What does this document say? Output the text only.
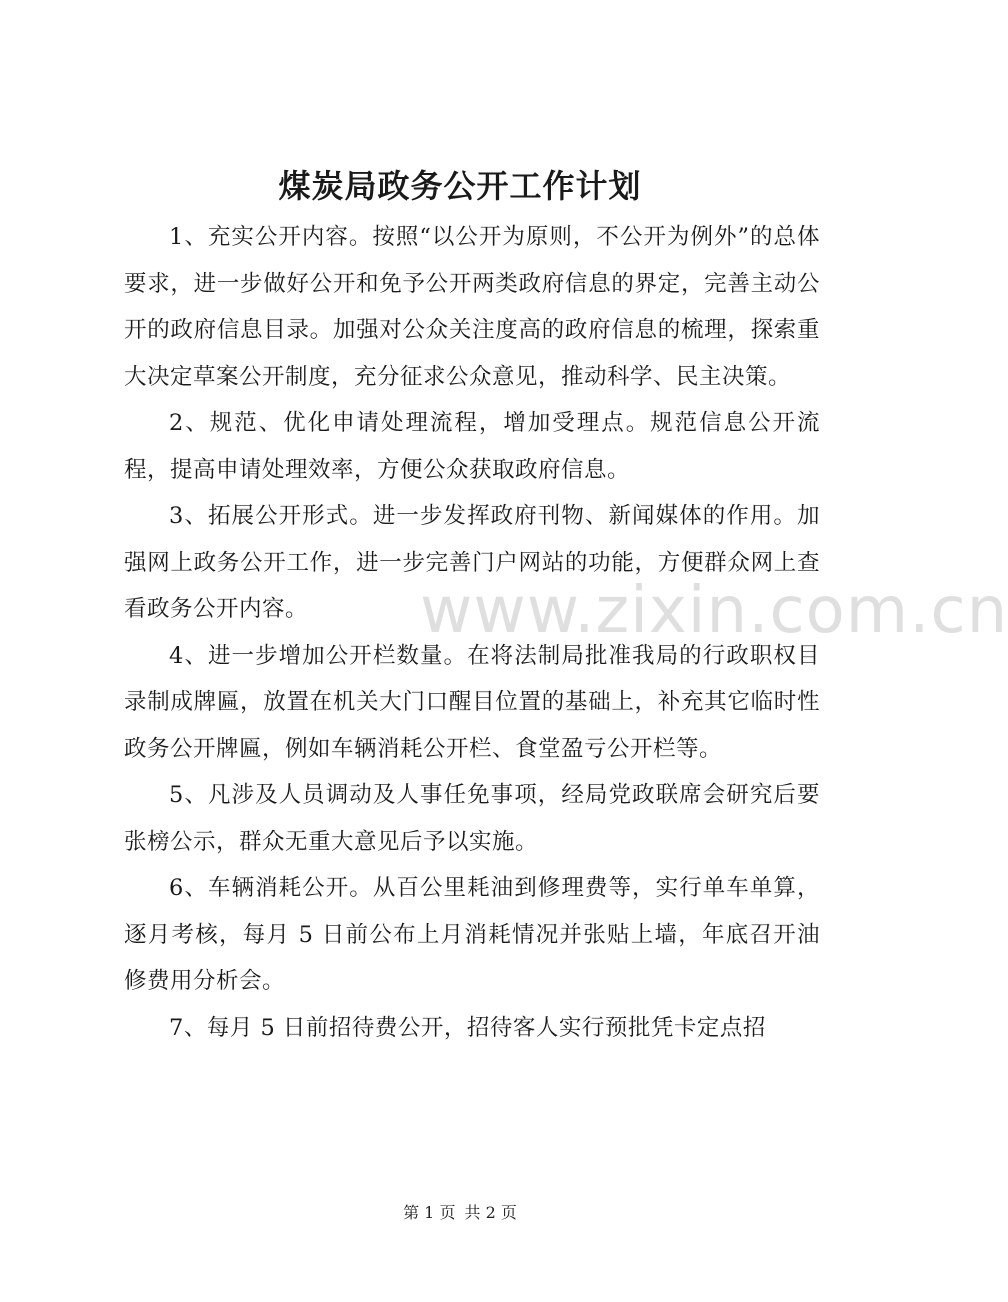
煤炭局政务公开工作计划

1、充实公开内容。按照“以公开为原则，不公开为例外”的总体要求，进一步做好公开和免予公开两类政府信息的界定，完善主动公开的政府信息目录。加强对公众关注度高的政府信息的梳理，探索重大决定草案公开制度，充分征求公众意见，推动科学、民主决策。

2、规范、优化申请处理流程，增加受理点。规范信息公开流程，提高申请处理效率，方便公众获取政府信息。

3、拓展公开形式。进一步发挥政府刊物、新闻媒体的作用。加强网上政务公开工作，进一步完善门户网站的功能，方便群众网上查看政务公开内容。

4、进一步增加公开栏数量。在将法制局批准我局的行政职权目录制成牌匾，放置在机关大门口醒目位置的基础上，补充其它临时性政务公开牌匾，例如车辆消耗公开栏、食堂盈亏公开栏等。

5、凡涉及人员调动及人事任免事项，经局党政联席会研究后要张榜公示，群众无重大意见后予以实施。

6、车辆消耗公开。从百公里耗油到修理费等，实行单车单算，逐月考核，每月 5 日前公布上月消耗情况并张贴上墙，年底召开油修费用分析会。

7、每月 5 日前招待费公开，招待客人实行预批凭卡定点招

www.zixin.com.cn
第 1 页 共 2 页
